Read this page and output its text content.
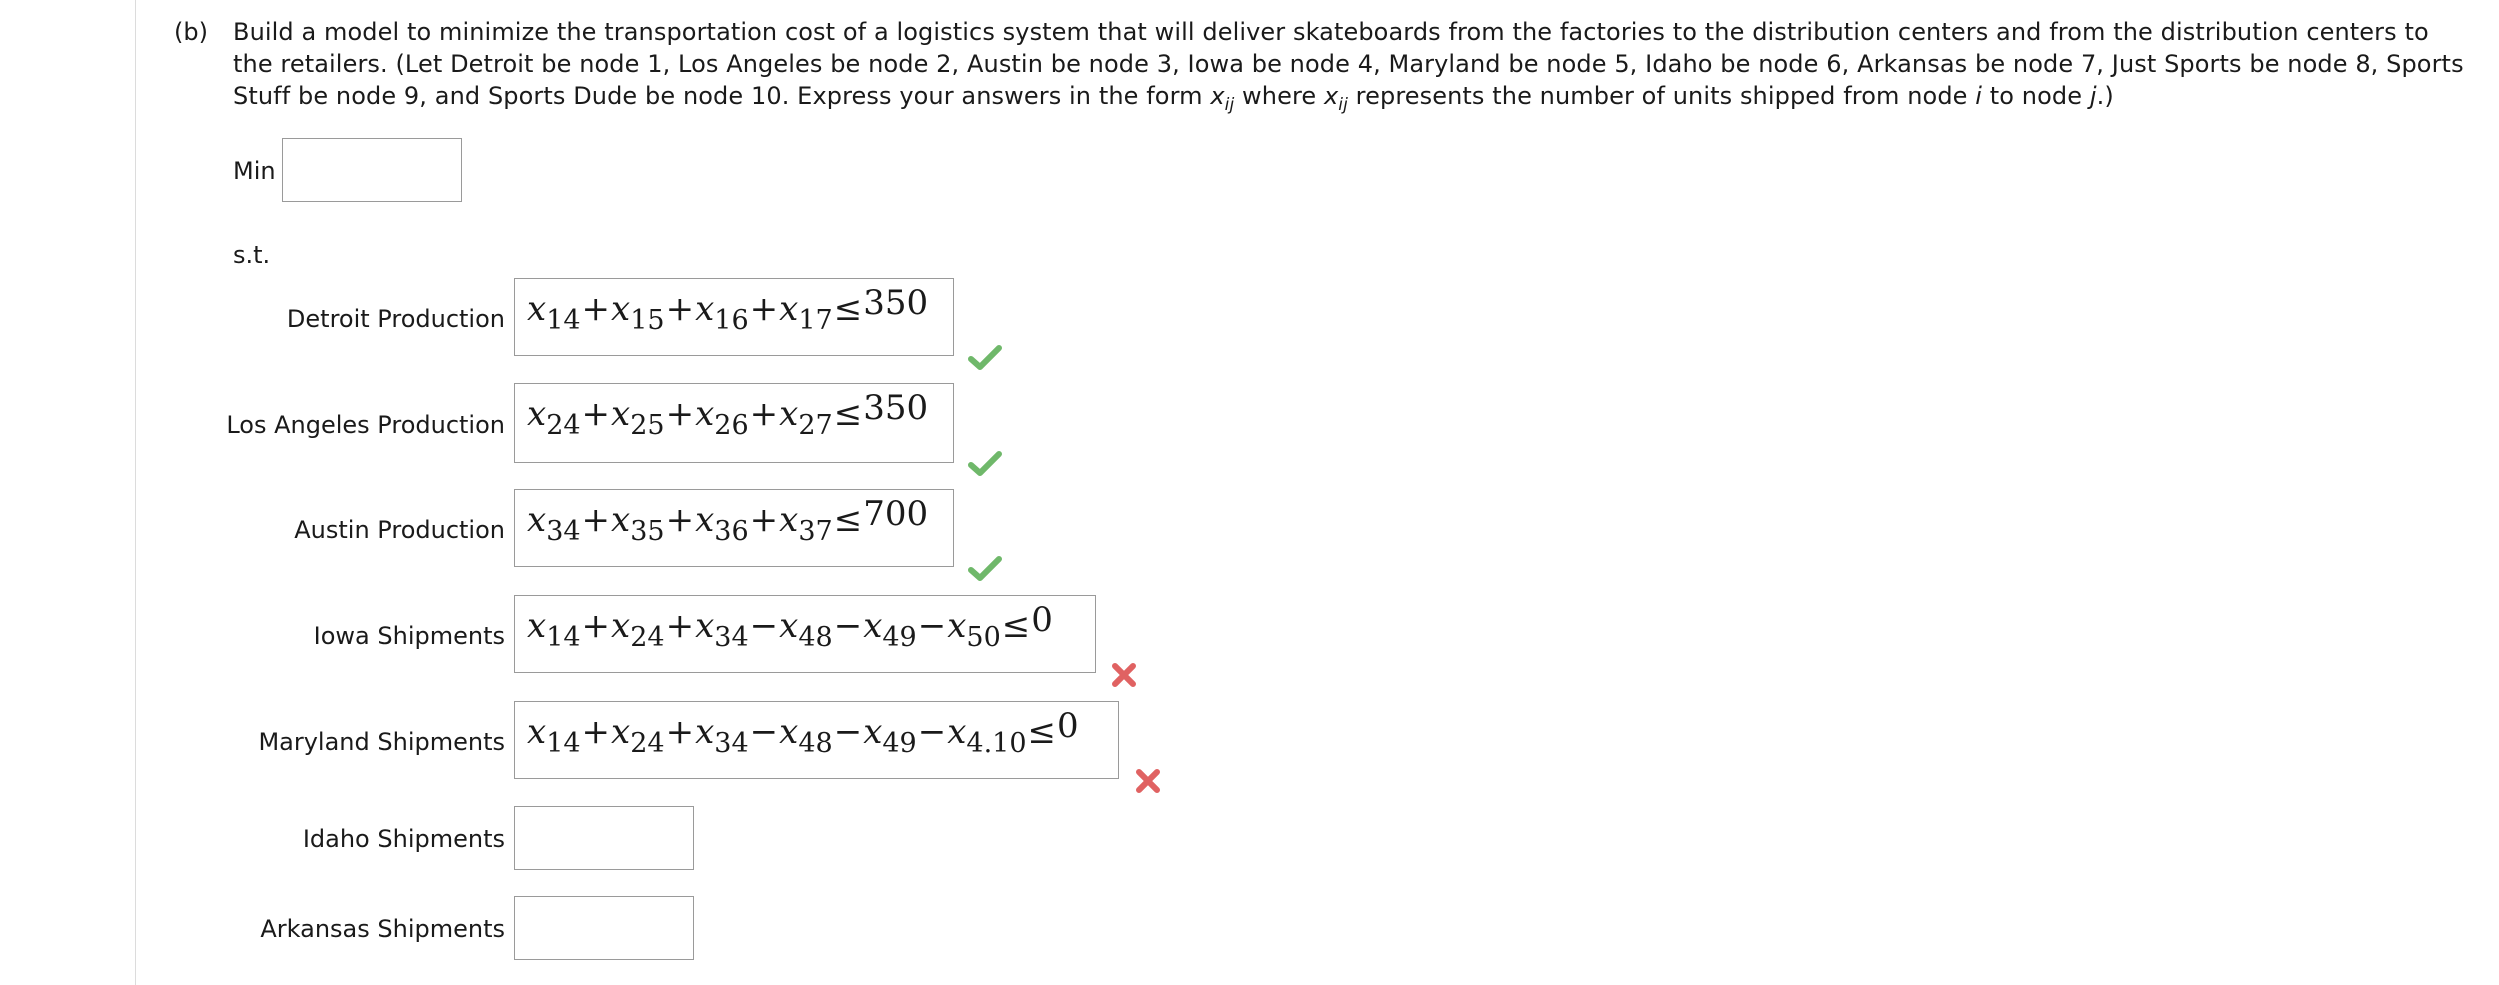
(b) Build a model to minimize the transportation cost of a logistics system that will deliver skateboards from the factories to the distribution centers and from the distribution centers to the retailers. (Let Detroit be node 1, Los Angeles be node 2, Austin be node 3, Iowa be node 4, Maryland be node 5, Idaho be node 6, Arkansas be node 7, Just Sports be node 8, Sports Stuff be node 9, and Sports Dude be node 10. Express your answers in the form $x_{ij}$ where $x_{ij}$ represents the number of units shipped from node i to node j.)
Min
s.t.
Detroit Production $x_{14}+x_{15}+x_{16}+x_{17}\le 350$
Los Angeles Production $x_{24}+x_{25}+x_{26}+x_{27}\le 350$
Austin Production $x_{34}+x_{35}+x_{36}+x_{37}\le 700$
Iowa Shipments $x_{14}+x_{24}+x_{34}-x_{48}-x_{49}-x_{50}\le 0$
Maryland Shipments $x_{14}+x_{24}+x_{34}-x_{48}-x_{49}-x_{4.10}\le 0$
Idaho Shipments
Arkansas Shipments
